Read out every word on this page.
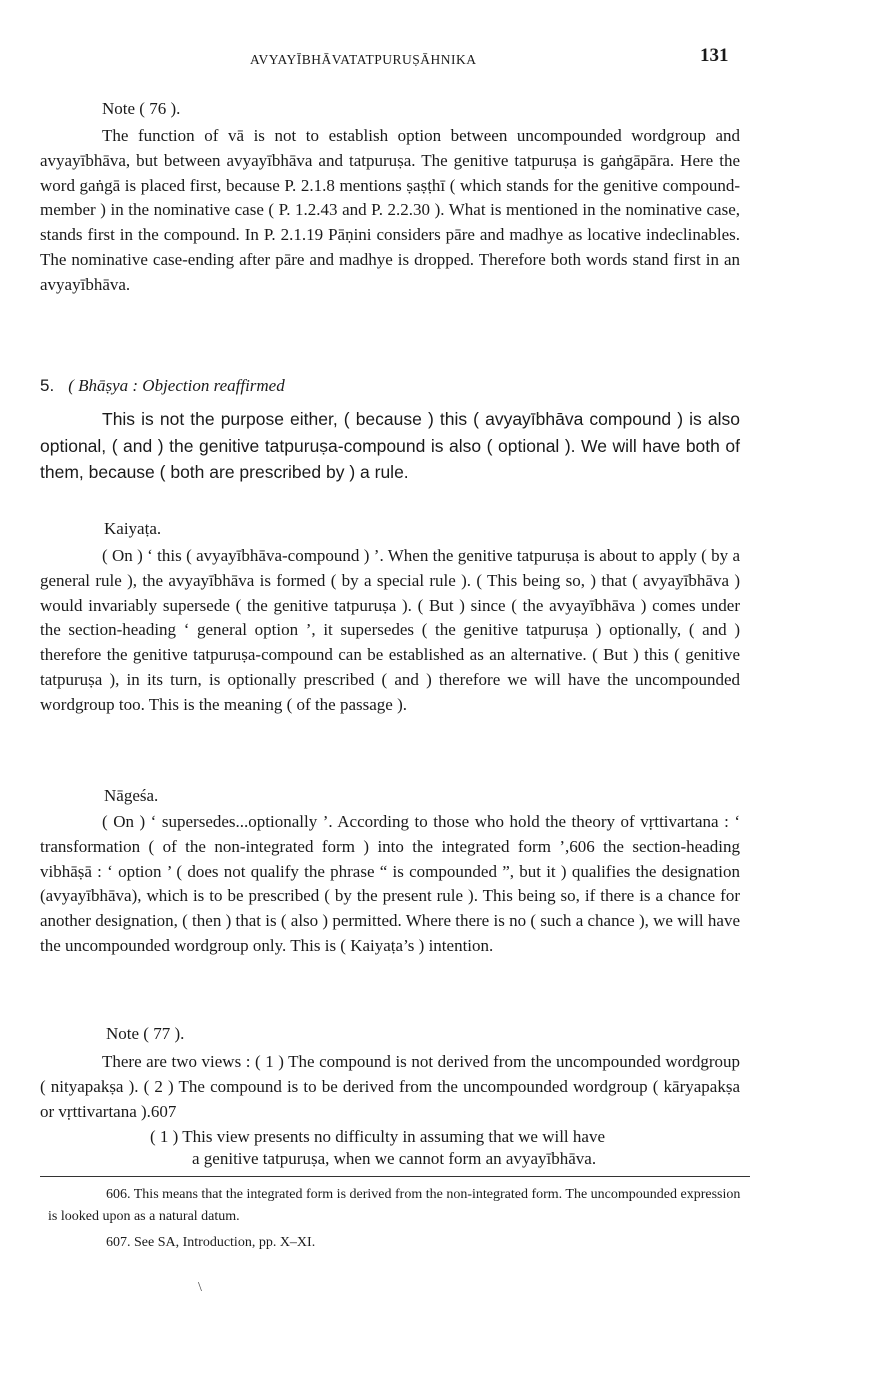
AVYAYĪBHĀVATATPURUṢĀHNIKA	131
Note ( 76 ).

The function of vā is not to establish option between uncompounded wordgroup and avyayībhāva, but between avyayībhāva and tatpuruṣa. The genitive tatpuruṣa is gaṅgāpāra. Here the word gaṅgā is placed first, because P. 2.1.8 mentions ṣaṣṭhī ( which stands for the genitive compound-member ) in the nominative case ( P. 1.2.43 and P. 2.2.30 ). What is mentioned in the nominative case, stands first in the compound. In P. 2.1.19 Pāṇini considers pāre and madhye as locative indeclinables. The nominative case-ending after pāre and madhye is dropped. Therefore both words stand first in an avyayībhāva.

5. ( Bhāṣya : Objection reaffirmed

This is not the purpose either, ( because ) this ( avyayībhāva compound ) is also optional, ( and ) the genitive tatpuruṣa-compound is also ( optional ). We will have both of them, because ( both are prescribed by ) a rule.

Kaiyaṭa.

( On ) ‘ this ( avyayībhāva-compound ) ’. When the genitive tatpuruṣa is about to apply ( by a general rule ), the avyayībhāva is formed ( by a special rule ). ( This being so, ) that ( avyayībhāva ) would invariably supersede ( the genitive tatpuruṣa ). ( But ) since ( the avyayībhāva ) comes under the section-heading ‘ general option ’, it supersedes ( the genitive tatpuruṣa ) optionally, ( and ) therefore the genitive tatpuruṣa-compound can be established as an alternative. ( But ) this ( genitive tatpuruṣa ), in its turn, is optionally prescribed ( and ) therefore we will have the uncompounded wordgroup too. This is the meaning ( of the passage ).

Nāgeśa.

( On ) ‘ supersedes...optionally ’. According to those who hold the theory of vṛttivartana : ‘ transformation ( of the non-integrated form ) into the integrated form ’,606 the section-heading vibhāṣā : ‘ option ’ ( does not qualify the phrase “ is compounded ”, but it ) qualifies the designation (avyayībhāva), which is to be prescribed ( by the present rule ). This being so, if there is a chance for another designation, ( then ) that is ( also ) permitted. Where there is no ( such a chance ), we will have the uncompounded wordgroup only. This is ( Kaiyaṭa’s ) intention.

Note ( 77 ).

There are two views : ( 1 ) The compound is not derived from the uncompounded wordgroup ( nityapakṣa ). ( 2 ) The compound is to be derived from the uncompounded wordgroup ( kāryapakṣa or vṛttivartana ).607

( 1 ) This view presents no difficulty in assuming that we will have
a genitive tatpuruṣa, when we cannot form an avyayībhāva.

606. This means that the integrated form is derived from the non-integrated form. The uncompounded expression is looked upon as a natural datum.

607. See SA, Introduction, pp. X–XI.

\
